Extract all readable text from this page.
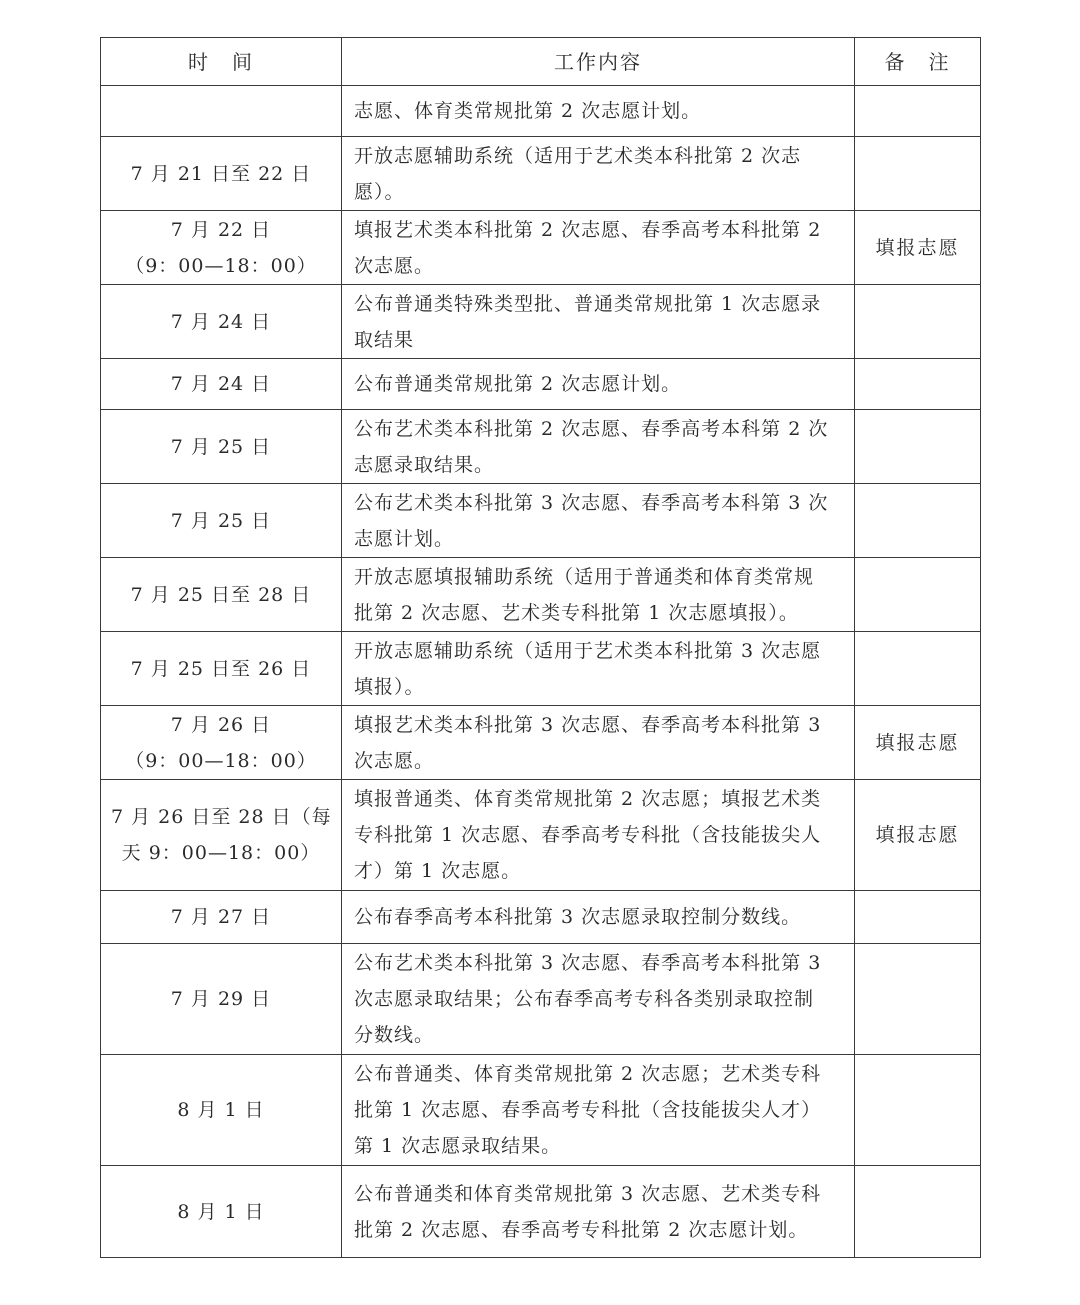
时　间	工作内容	备　注

	志愿、体育类常规批第 2 次志愿计划。	

7 月 21 日至 22 日	开放志愿辅助系统（适用于艺术类本科批第 2 次志
愿）。	

7 月 22 日
（9：00—18：00）	填报艺术类本科批第 2 次志愿、春季高考本科批第 2
次志愿。	填报志愿

7 月 24 日	公布普通类特殊类型批、普通类常规批第 1 次志愿录
取结果	

7 月 24 日	公布普通类常规批第 2 次志愿计划。	

7 月 25 日	公布艺术类本科批第 2 次志愿、春季高考本科第 2 次
志愿录取结果。	

7 月 25 日	公布艺术类本科批第 3 次志愿、春季高考本科第 3 次
志愿计划。	

7 月 25 日至 28 日	开放志愿填报辅助系统（适用于普通类和体育类常规
批第 2 次志愿、艺术类专科批第 1 次志愿填报）。	

7 月 25 日至 26 日	开放志愿辅助系统（适用于艺术类本科批第 3 次志愿
填报）。	

7 月 26 日
（9：00—18：00）	填报艺术类本科批第 3 次志愿、春季高考本科批第 3
次志愿。	填报志愿

7 月 26 日至 28 日（每
天 9：00—18：00）	填报普通类、体育类常规批第 2 次志愿；填报艺术类
专科批第 1 次志愿、春季高考专科批（含技能拔尖人
才）第 1 次志愿。	填报志愿

7 月 27 日	公布春季高考本科批第 3 次志愿录取控制分数线。	

7 月 29 日	公布艺术类本科批第 3 次志愿、春季高考本科批第 3
次志愿录取结果；公布春季高考专科各类别录取控制
分数线。	

8 月 1 日	公布普通类、体育类常规批第 2 次志愿；艺术类专科
批第 1 次志愿、春季高考专科批（含技能拔尖人才）
第 1 次志愿录取结果。	

8 月 1 日	公布普通类和体育类常规批第 3 次志愿、艺术类专科
批第 2 次志愿、春季高考专科批第 2 次志愿计划。	
